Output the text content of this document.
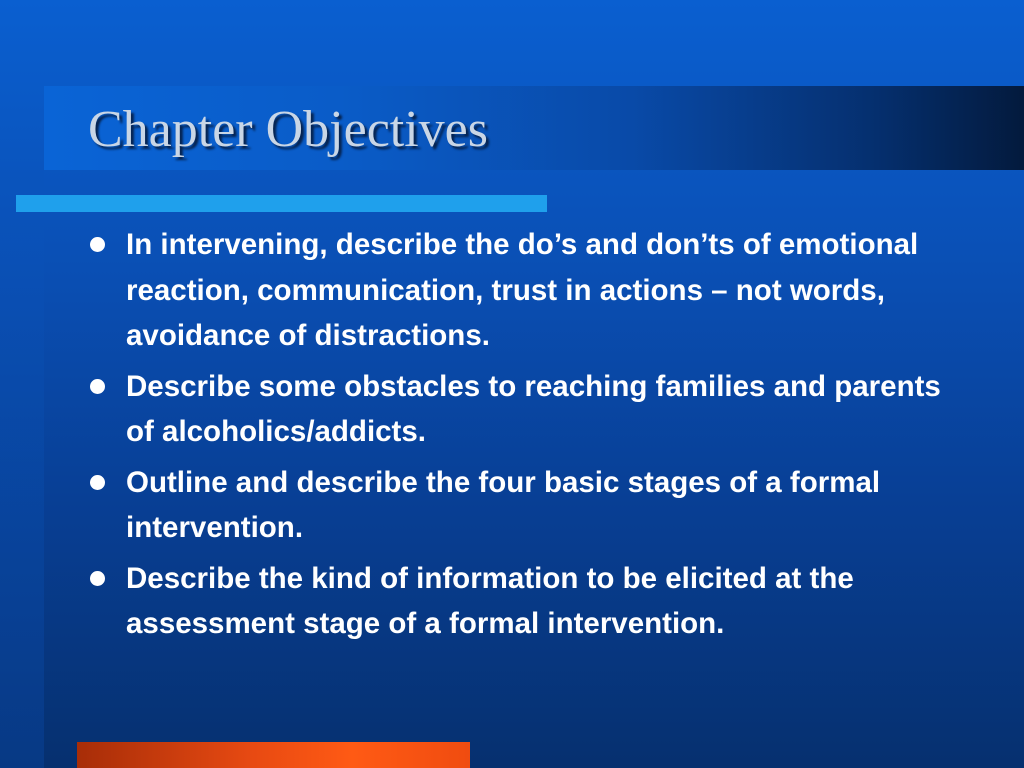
Chapter Objectives
In intervening, describe the do’s and don’ts of emotional reaction, communication, trust in actions – not words, avoidance of distractions.
Describe some obstacles to reaching families and parents of alcoholics/addicts.
Outline and describe the four basic stages of a formal intervention.
Describe the kind of information to be elicited at the assessment stage of a formal intervention.
